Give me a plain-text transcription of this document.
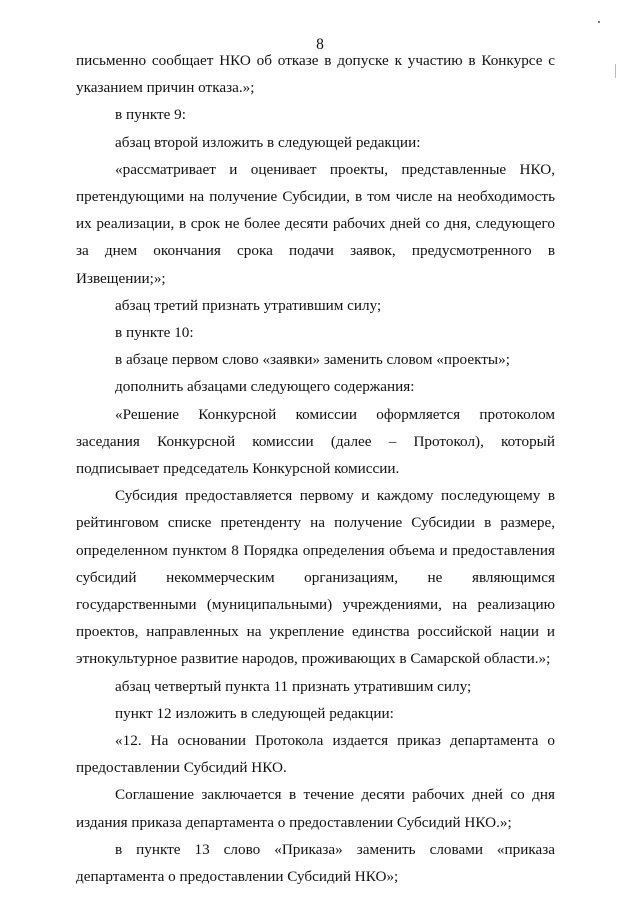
8

письменно сообщает НКО об отказе в допуске к участию в Конкурсе с указанием причин отказа.»;

в пункте 9:

абзац второй изложить в следующей редакции:

«рассматривает и оценивает проекты, представленные НКО, претендующими на получение Субсидии, в том числе на необходимость их реализации, в срок не более десяти рабочих дней со дня, следующего за днем окончания срока подачи заявок, предусмотренного в Извещении;»;

абзац третий признать утратившим силу;

в пункте 10:

в абзаце первом слово «заявки» заменить словом «проекты»;

дополнить абзацами следующего содержания:

«Решение Конкурсной комиссии оформляется протоколом заседания Конкурсной комиссии (далее – Протокол), который подписывает председатель Конкурсной комиссии.

Субсидия предоставляется первому и каждому последующему в рейтинговом списке претенденту на получение Субсидии в размере, определенном пунктом 8 Порядка определения объема и предоставления субсидий некоммерческим организациям, не являющимся государственными (муниципальными) учреждениями, на реализацию проектов, направленных на укрепление единства российской нации и этнокультурное развитие народов, проживающих в Самарской области.»;

абзац четвертый пункта 11 признать утратившим силу;

пункт 12 изложить в следующей редакции:

«12. На основании Протокола издается приказ департамента о предоставлении Субсидий НКО.

Соглашение заключается в течение десяти рабочих дней со дня издания приказа департамента о предоставлении Субсидий НКО.»;

в пункте 13 слово «Приказа» заменить словами «приказа департамента о предоставлении Субсидий НКО»;
